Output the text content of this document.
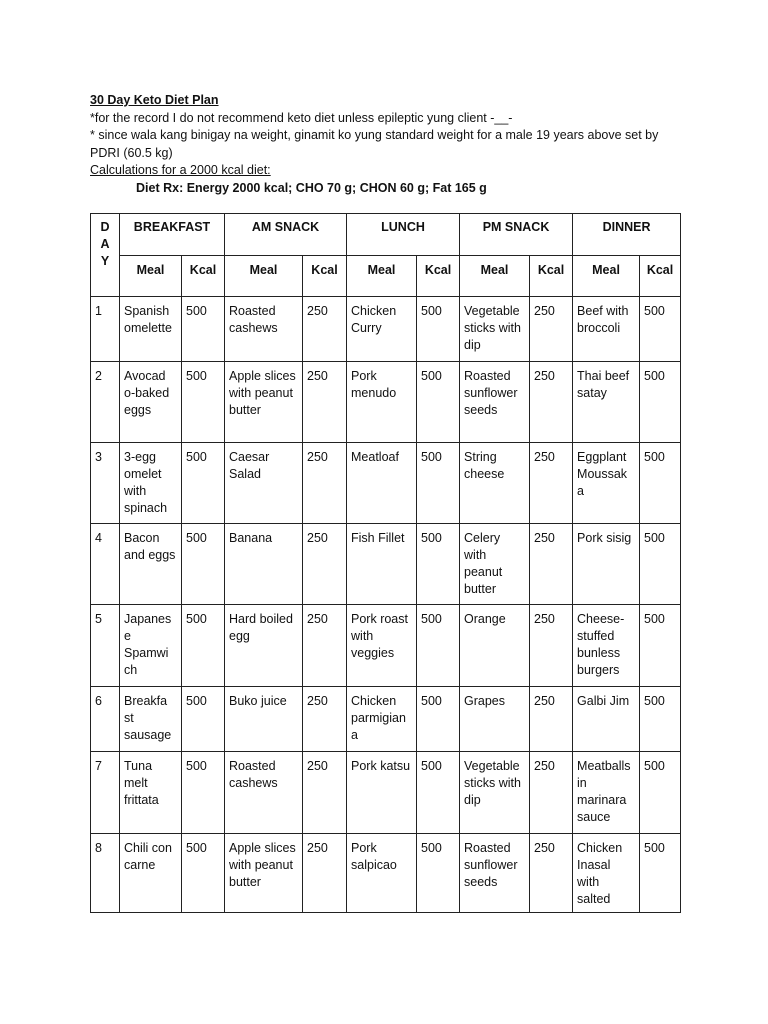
30 Day Keto Diet Plan
*for the record I do not recommend keto diet unless epileptic yung client -__-
* since wala kang binigay na weight, ginamit ko yung standard weight for a male 19 years above set by
PDRI (60.5 kg)
Calculations for a 2000 kcal diet:
Diet Rx: Energy 2000 kcal; CHO 70 g; CHON 60 g; Fat 165 g
D
A
Y	BREAKFAST		AM SNACK		LUNCH		PM SNACK		DINNER	
	Meal	Kcal	Meal	Kcal	Meal	Kcal	Meal	Kcal	Meal	Kcal
1	Spanish omelette	500	Roasted cashews	250	Chicken Curry	500	Vegetable sticks with dip	250	Beef with broccoli	500
2	Avocad o-baked eggs	500	Apple slices with peanut butter	250	Pork menudo	500	Roasted sunflower seeds	250	Thai beef satay	500
3	3-egg omelet with spinach	500	Caesar Salad	250	Meatloaf	500	String cheese	250	Eggplant Moussak a	500
4	Bacon and eggs	500	Banana	250	Fish Fillet	500	Celery with peanut butter	250	Pork sisig	500
5	Japanes e Spamwi ch	500	Hard boiled egg	250	Pork roast with veggies	500	Orange	250	Cheese-stuffed bunless burgers	500
6	Breakfa st sausage	500	Buko juice	250	Chicken parmigian a	500	Grapes	250	Galbi Jim	500
7	Tuna melt frittata	500	Roasted cashews	250	Pork katsu	500	Vegetable sticks with dip	250	Meatballs in marinara sauce	500
8	Chili con carne	500	Apple slices with peanut butter	250	Pork salpicao	500	Roasted sunflower seeds	250	Chicken Inasal with salted	500
